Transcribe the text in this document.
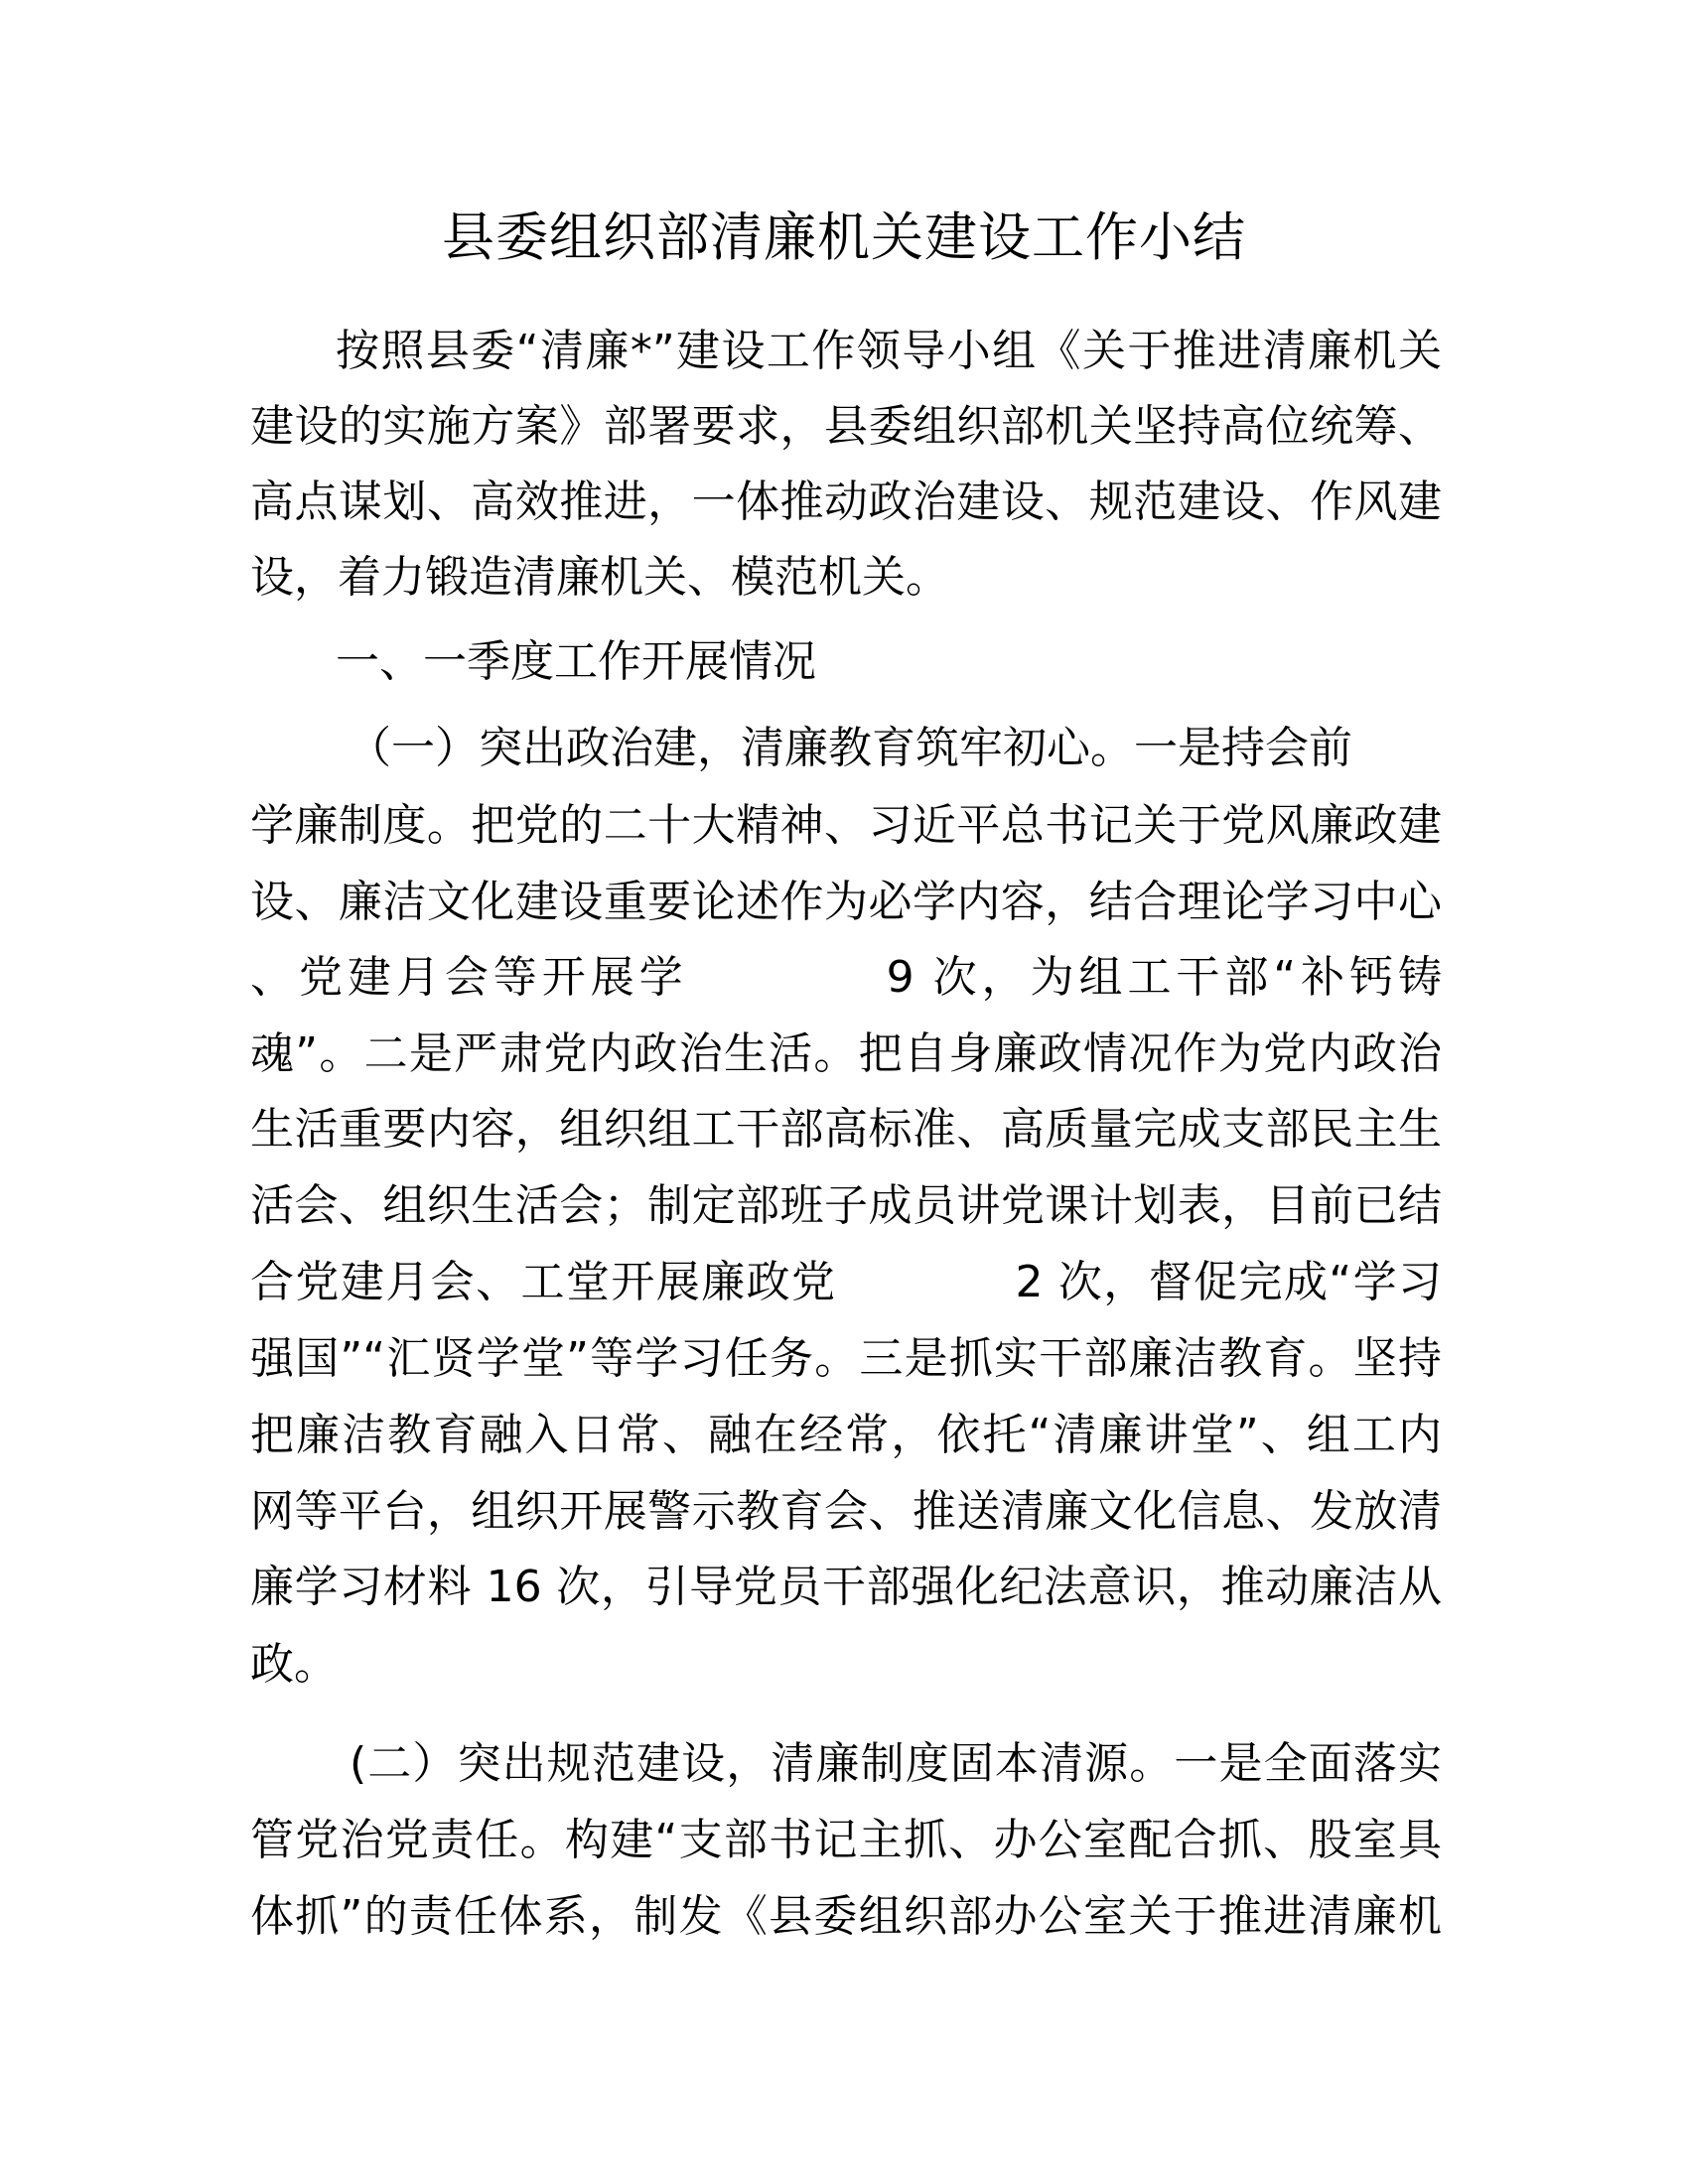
县委组织部清廉机关建设工作小结

按照县委“清廉*”建设工作领导小组《关于推进清廉机关

建设的实施方案》部署要求，县委组织部机关坚持高位统筹、

高点谋划、高效推进，一体推动政治建设、规范建设、作风建

设，着力锻造清廉机关、模范机关。

一、一季度工作开展情况

（一）突出政治建，清廉教育筑牢初心。一是持会前

学廉制度。把党的二十大精神、习近平总书记关于党风廉政建

设、廉洁文化建设重要论述作为必学内容，结合理论学习中心

、党建月会等开展学	9 次，为组工干部“补钙铸

魂”。二是严肃党内政治生活。把自身廉政情况作为党内政治

生活重要内容，组织组工干部高标准、高质量完成支部民主生

活会、组织生活会；制定部班子成员讲党课计划表，目前已结

合党建月会、工堂开展廉政党	2 次，督促完成“学习

强国”“汇贤学堂”等学习任务。三是抓实干部廉洁教育。坚持

把廉洁教育融入日常、融在经常，依托“清廉讲堂”、组工内

网等平台，组织开展警示教育会、推送清廉文化信息、发放清

廉学习材料 16 次，引导党员干部强化纪法意识，推动廉洁从

政。

(二）突出规范建设，清廉制度固本清源。一是全面落实

管党治党责任。构建“支部书记主抓、办公室配合抓、股室具

体抓”的责任体系，制发《县委组织部办公室关于推进清廉机
